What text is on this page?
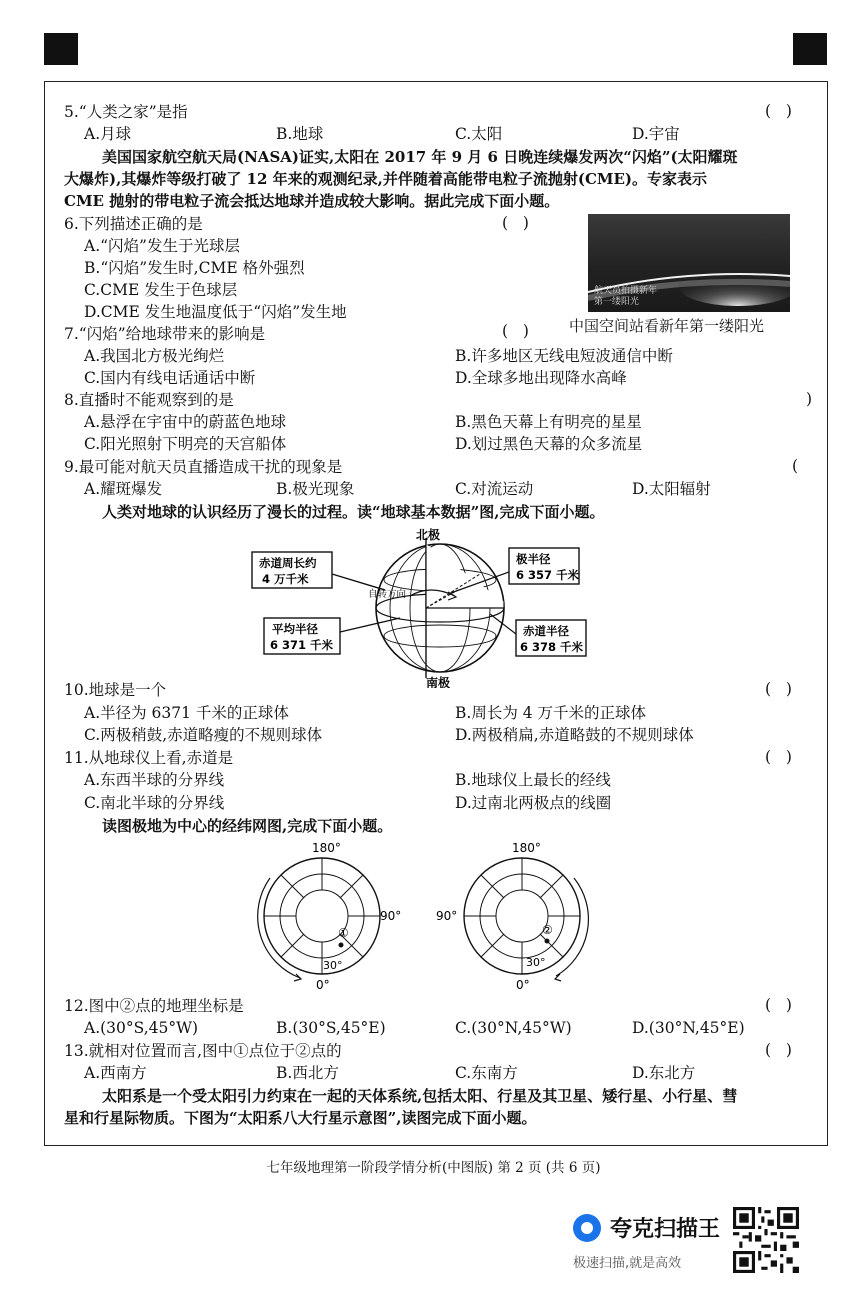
5.“人类之家”是指	(   )
A.月球	B.地球	C.太阳	D.宇宙
美国国家航空航天局(NASA)证实,太阳在 2017 年 9 月 6 日晚连续爆发两次“闪焰”(太阳耀斑
大爆炸),其爆炸等级打破了 12 年来的观测纪录,并伴随着高能带电粒子流抛射(CME)。专家表示
CME 抛射的带电粒子流会抵达地球并造成较大影响。据此完成下面小题。
6.下列描述正确的是	(   )
A.“闪焰”发生于光球层
B.“闪焰”发生时,CME 格外强烈
C.CME 发生于色球层
D.CME 发生地温度低于“闪焰”发生地
航天员拍摄新年
第一缕阳光
中国空间站看新年第一缕阳光
7.“闪焰”给地球带来的影响是	(   )
A.我国北方极光绚烂	B.许多地区无线电短波通信中断
C.国内有线电话通话中断	D.全球多地出现降水高峰
8.直播时不能观察到的是	)
A.悬浮在宇宙中的蔚蓝色地球	B.黑色天幕上有明亮的星星
C.阳光照射下明亮的天宫船体	D.划过黑色天幕的众多流星
9.最可能对航天员直播造成干扰的现象是	(
A.耀斑爆发	B.极光现象	C.对流运动	D.太阳辐射
人类对地球的认识经历了漫长的过程。读“地球基本数据”图,完成下面小题。
北极
南极
自转方向
赤道周长约
4 万千米
极半径
6 357 千米
平均半径
6 371 千米
赤道半径
6 378 千米
10.地球是一个	(   )
A.半径为 6371 千米的正球体	B.周长为 4 万千米的正球体
C.两极稍鼓,赤道略瘦的不规则球体	D.两极稍扁,赤道略鼓的不规则球体
11.从地球仪上看,赤道是	(   )
A.东西半球的分界线	B.地球仪上最长的经线
C.南北半球的分界线	D.过南北两极点的线圈
读图极地为中心的经纬网图,完成下面小题。
180°
90°
0°
30°
①
180°
90°
0°
30°
②
12.图中②点的地理坐标是	(   )
A.(30°S,45°W)	B.(30°S,45°E)	C.(30°N,45°W)	D.(30°N,45°E)
13.就相对位置而言,图中①点位于②点的	(   )
A.西南方	B.西北方	C.东南方	D.东北方
太阳系是一个受太阳引力约束在一起的天体系统,包括太阳、行星及其卫星、矮行星、小行星、彗
星和行星际物质。下图为“太阳系八大行星示意图”,读图完成下面小题。
七年级地理第一阶段学情分析(中图版) 第 2 页 (共 6 页)
夸克扫描王
极速扫描,就是高效
